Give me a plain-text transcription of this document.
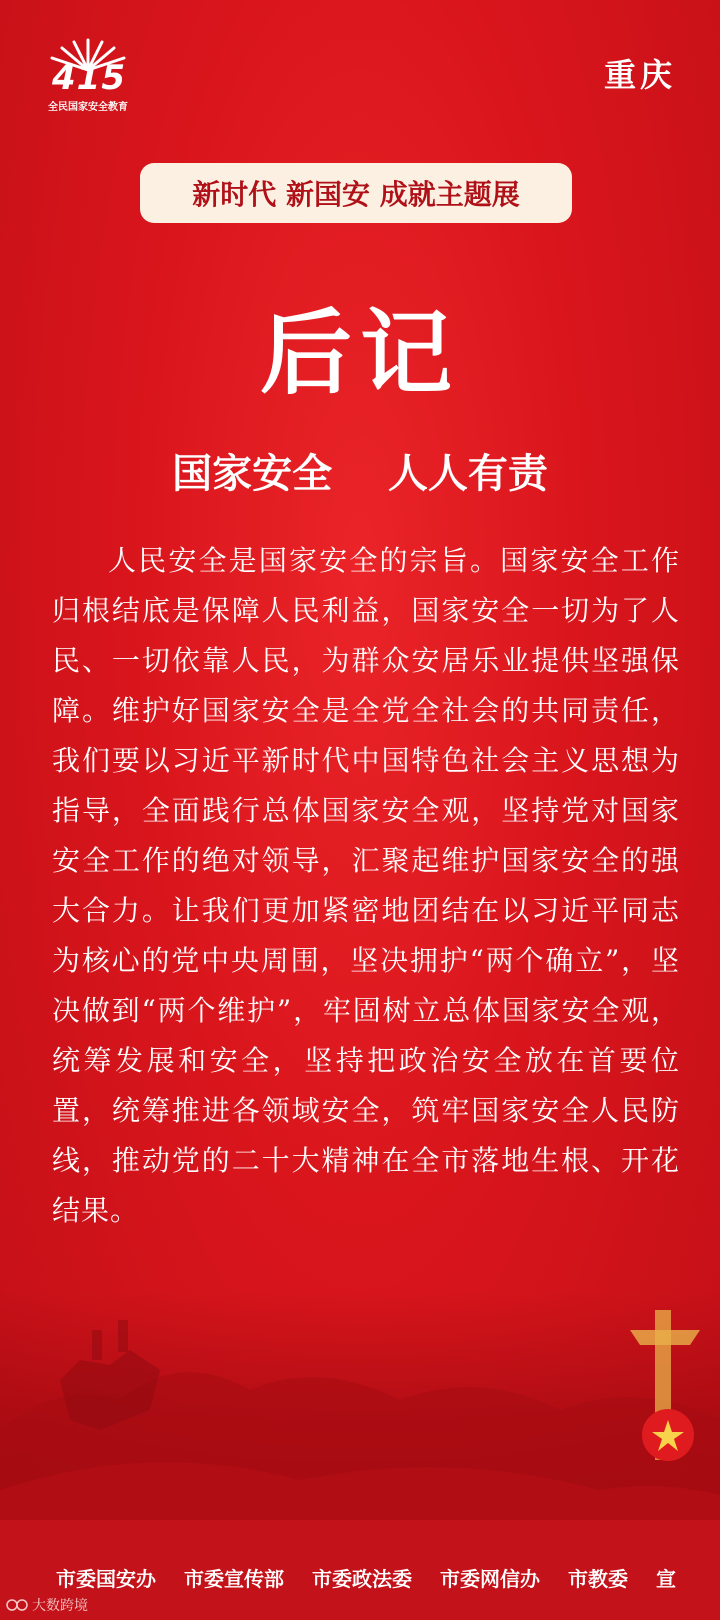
415
全民国家安全教育
重庆
新时代 新国安 成就主题展
后记
国家安全    人人有责
人民安全是国家安全的宗旨。国家安全工作归根结底是保障人民利益，国家安全一切为了人民、一切依靠人民，为群众安居乐业提供坚强保障。维护好国家安全是全党全社会的共同责任，我们要以习近平新时代中国特色社会主义思想为指导，全面践行总体国家安全观，坚持党对国家安全工作的绝对领导，汇聚起维护国家安全的强大合力。让我们更加紧密地团结在以习近平同志为核心的党中央周围，坚决拥护“两个确立”，坚决做到“两个维护”，牢固树立总体国家安全观，统筹发展和安全，坚持把政治安全放在首要位置，统筹推进各领域安全，筑牢国家安全人民防线，推动党的二十大精神在全市落地生根、开花结果。
市委国安办 市委宣传部 市委政法委 市委网信办 市教委 宣
大数跨境
